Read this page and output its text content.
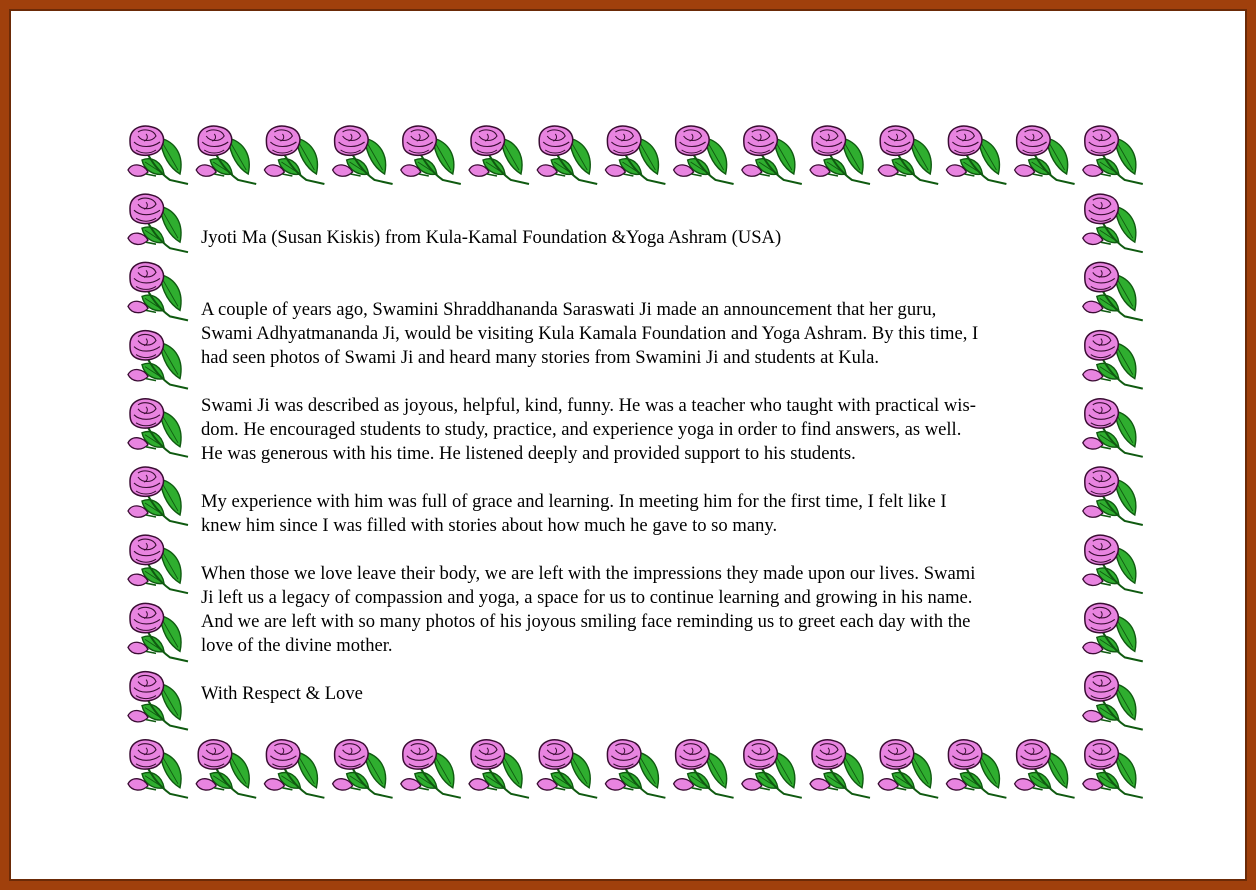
Jyoti Ma (Susan Kiskis) from Kula-Kamal Foundation &Yoga Ashram (USA)

A couple of years ago, Swamini Shraddhananda Saraswati Ji made an announcement that her guru,
Swami Adhyatmananda Ji, would be visiting Kula Kamala Foundation and Yoga Ashram. By this time, I
had seen photos of Swami Ji and heard many stories from Swamini Ji and students at Kula.

Swami Ji was described as joyous, helpful, kind, funny. He was a teacher who taught with practical wis-
dom. He encouraged students to study, practice, and experience yoga in order to find answers, as well.
He was generous with his time. He listened deeply and provided support to his students.

My experience with him was full of grace and learning. In meeting him for the first time, I felt like I
knew him since I was filled with stories about how much he gave to so many.

When those we love leave their body, we are left with the impressions they made upon our lives. Swami
Ji left us a legacy of compassion and yoga, a space for us to continue learning and growing in his name.
And we are left with so many photos of his joyous smiling face reminding us to greet each day with the
love of the divine mother.

With Respect & Love
